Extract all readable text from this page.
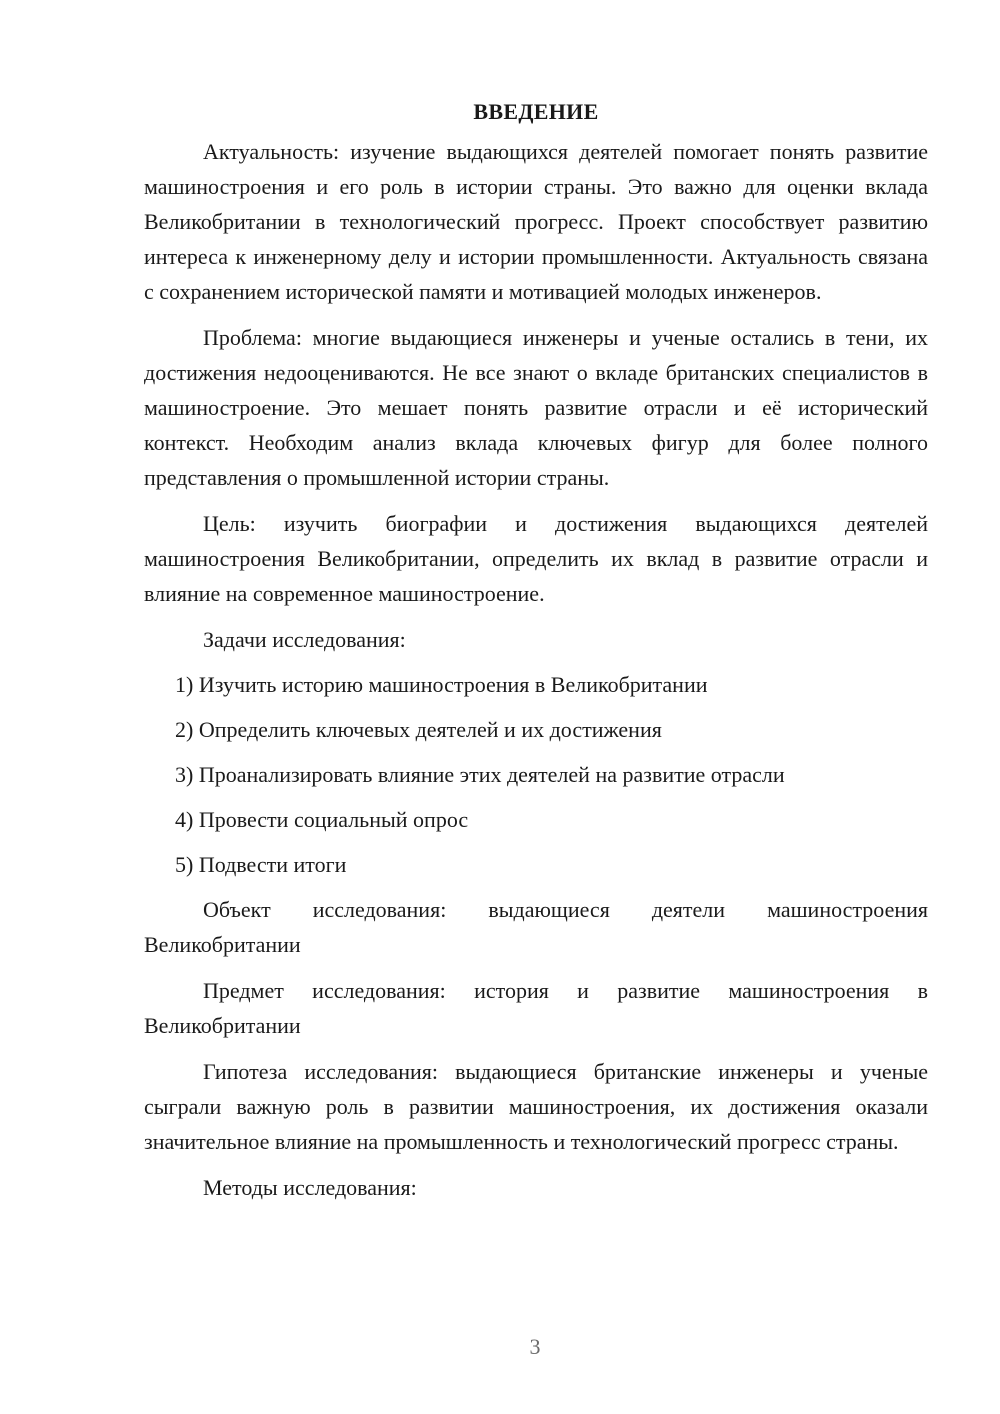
ВВЕДЕНИЕ

Актуальность: изучение выдающихся деятелей помогает понять развитие машиностроения и его роль в истории страны. Это важно для оценки вклада Великобритании в технологический прогресс. Проект способствует развитию интереса к инженерному делу и истории промышленности. Актуальность связана с сохранением исторической памяти и мотивацией молодых инженеров.

Проблема: многие выдающиеся инженеры и ученые остались в тени, их достижения недооцениваются. Не все знают о вкладе британских специалистов в машиностроение. Это мешает понять развитие отрасли и её исторический контекст. Необходим анализ вклада ключевых фигур для более полного представления о промышленной истории страны.

Цель: изучить биографии и достижения выдающихся деятелей машиностроения Великобритании, определить их вклад в развитие отрасли и влияние на современное машиностроение.

Задачи исследования:

1) Изучить историю машиностроения в Великобритании
2) Определить ключевых деятелей и их достижения
3) Проанализировать влияние этих деятелей на развитие отрасли
4) Провести социальный опрос
5) Подвести итоги

Объект исследования: выдающиеся деятели машиностроения Великобритании

Предмет исследования: история и развитие машиностроения в Великобритании

Гипотеза исследования: выдающиеся британские инженеры и ученые сыграли важную роль в развитии машиностроения, их достижения оказали значительное влияние на промышленность и технологический прогресс страны.

Методы исследования:

3
